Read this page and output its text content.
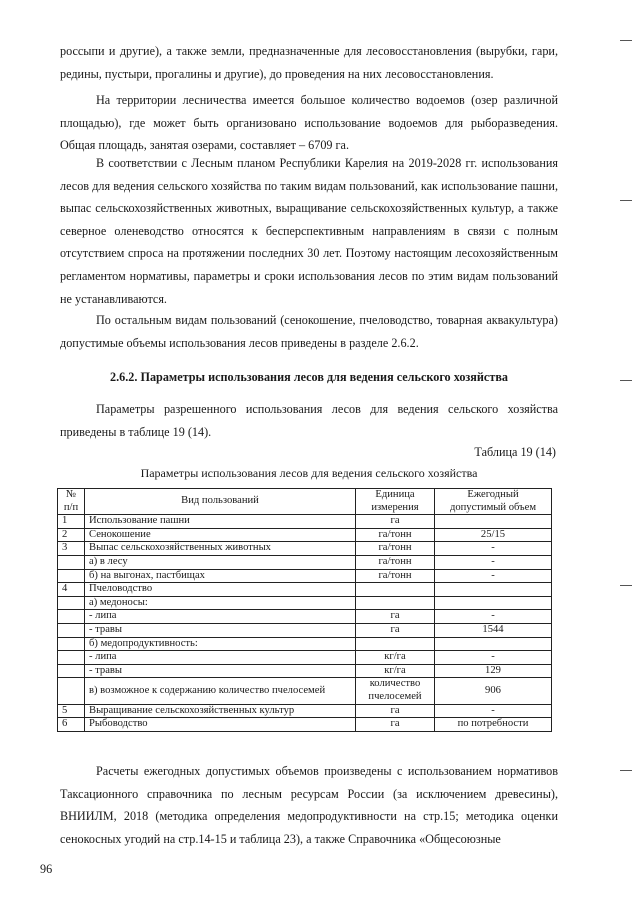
россыпи и другие), а также земли, предназначенные для лесовосстановления (вырубки, гари, редины, пустыри, прогалины и другие), до проведения на них лесовосстановления.

На территории лесничества имеется большое количество водоемов (озер различной площадью), где может быть организовано использование водоемов для рыборазведения. Общая площадь, занятая озерами, составляет – 6709 га.

В соответствии с Лесным планом Республики Карелия на 2019-2028 гг. использования лесов для ведения сельского хозяйства по таким видам пользований, как использование пашни, выпас сельскохозяйственных животных, выращивание сельскохозяйственных культур, а также северное оленеводство относятся к бесперспективным направлениям в связи с полным отсутствием спроса на протяжении последних 30 лет. Поэтому настоящим лесохозяйственным регламентом нормативы, параметры и сроки использования лесов по этим видам пользований не устанавливаются.

По остальным видам пользований (сенокошение, пчеловодство, товарная аквакультура) допустимые объемы использования лесов приведены в разделе 2.6.2.

2.6.2. Параметры использования лесов для ведения сельского хозяйства

Параметры разрешенного использования лесов для ведения сельского хозяйства приведены в таблице 19 (14).

Таблица 19 (14)
Параметры использования лесов для ведения сельского хозяйства
№ п/п	Вид пользований	Единица измерения	Ежегодный допустимый объем
1	Использование пашни	га	
2	Сенокошение	га/тонн	25/15
3	Выпас сельскохозяйственных животных	га/тонн	-
	а) в лесу	га/тонн	-
	б) на выгонах, пастбищах	га/тонн	-
4	Пчеловодство		
	а) медоносы:		
	- липа	га	-
	- травы	га	1544
	б) медопродуктивность:		
	- липа	кг/га	-
	- травы	кг/га	129
	в) возможное к содержанию количество пчелосемей	количество пчелосемей	906
5	Выращивание сельскохозяйственных культур	га	-
6	Рыбоводство	га	по потребности

Расчеты ежегодных допустимых объемов произведены с использованием нормативов Таксационного справочника по лесным ресурсам России (за исключением древесины), ВНИИЛМ, 2018 (методика определения медопродуктивности на стр.15; методика оценки сенокосных угодий на стр.14-15 и таблица 23), а также Справочника «Общесоюзные

96
